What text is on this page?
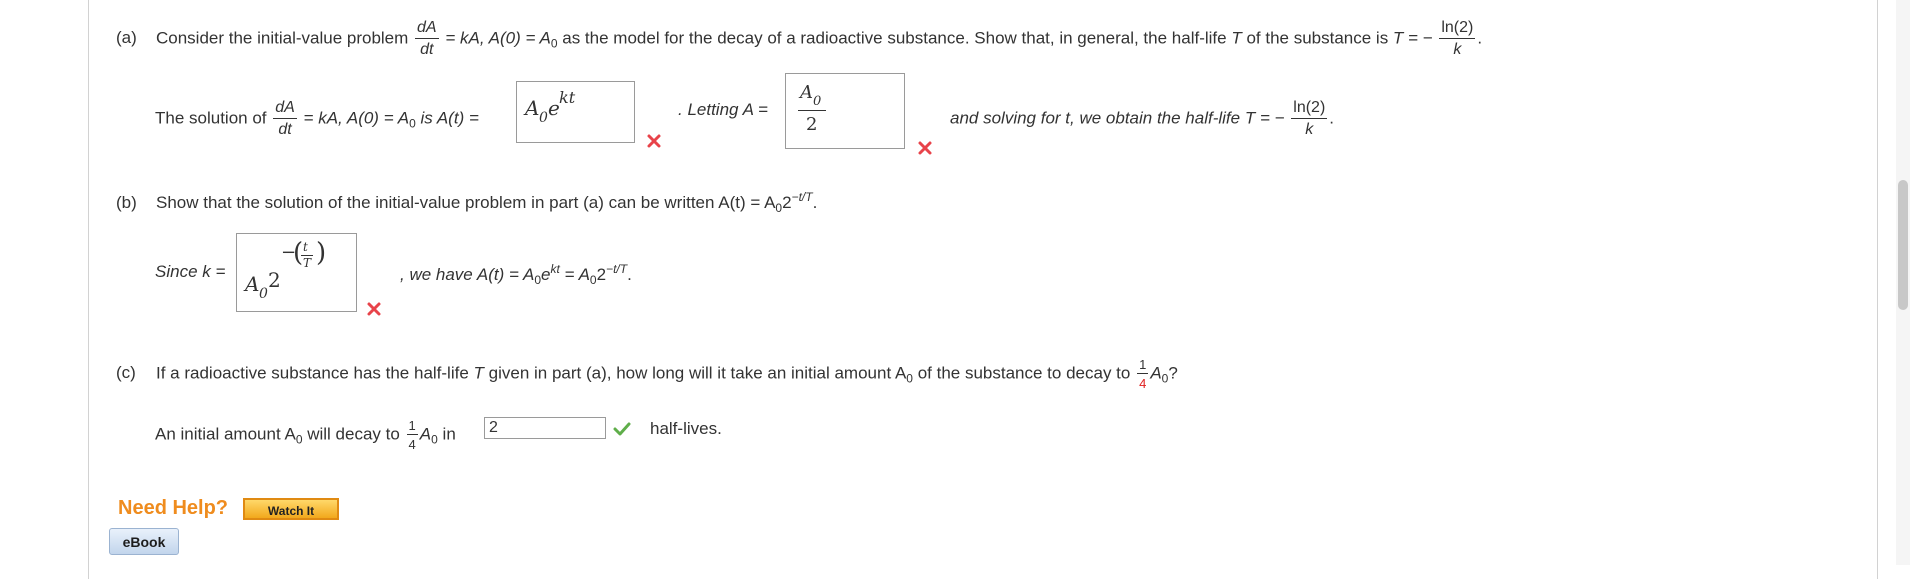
(a) Consider the initial-value problem $\frac{dA}{dt}$ = kA, $A(0) = A_0$ as the model for the decay of a radioactive substance. Show that, in general, the half-life T of the substance is T = − $\frac{\ln(2)}{k}$ .
The solution of $\frac{dA}{dt}$ = kA, $A(0) = A_0$ is A(t) = A 0 e kt
. Letting A =
A 0
2	and solving for t, we obtain the half-life T = − $\frac{\ln(2)}{k}$ .
(b) Show that the solution of the initial-value problem in part (a) can be written $A(t) = A_02^{-t/T}$.
Since k =
A 0
2
−
( t
T )
, we have $A(t) = A_0e^{kt} = A_02^{-t/T}$.
(c) If a radioactive substance has the half-life T given in part (a), how long will it take an initial amount $A_0$ of the substance to decay to $\frac{1}{4} A_0$?
An initial amount $A_0$ will decay to $\frac{1}{4} A_0$ in
2	half-lives.
Need Help?	Watch It
eBook
